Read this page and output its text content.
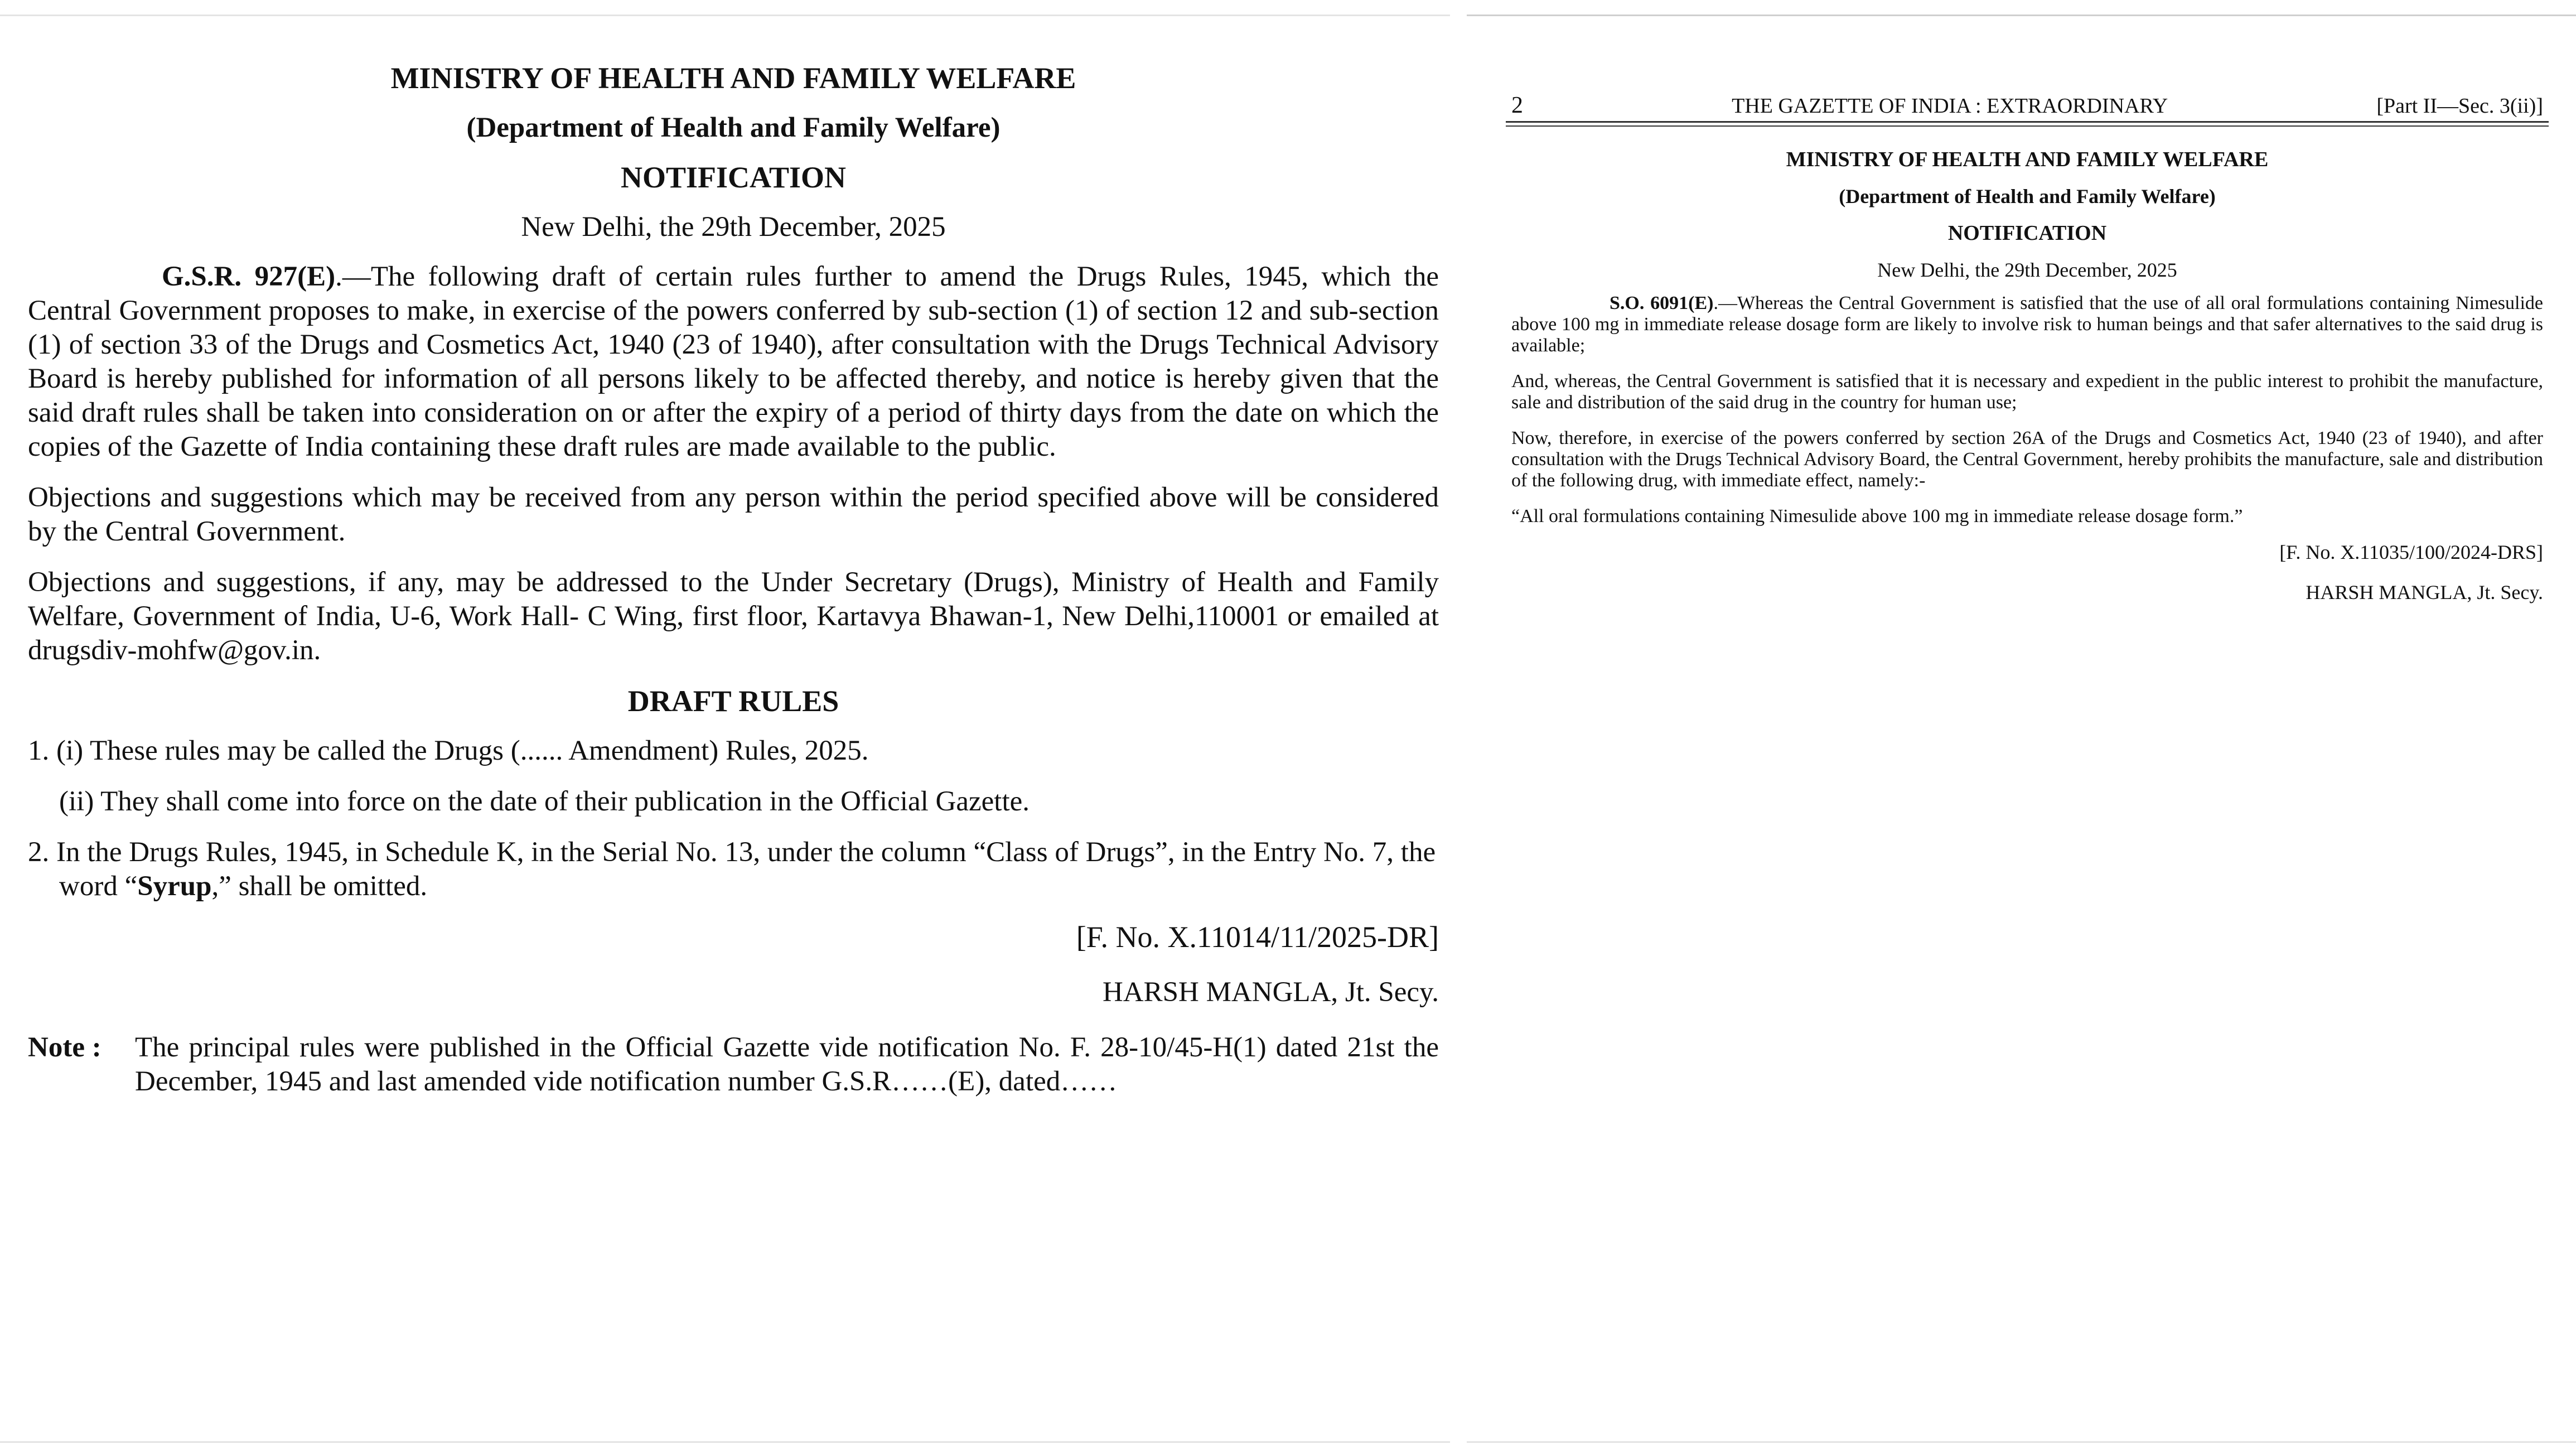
MINISTRY OF HEALTH AND FAMILY WELFARE
(Department of Health and Family Welfare)
NOTIFICATION
New Delhi, the 29th December, 2025

G.S.R. 927(E).—The following draft of certain rules further to amend the Drugs Rules, 1945, which the Central Government proposes to make, in exercise of the powers conferred by sub-section (1) of section 12 and sub-section (1) of section 33 of the Drugs and Cosmetics Act, 1940 (23 of 1940), after consultation with the Drugs Technical Advisory Board is hereby published for information of all persons likely to be affected thereby, and notice is hereby given that the said draft rules shall be taken into consideration on or after the expiry of a period of thirty days from the date on which the copies of the Gazette of India containing these draft rules are made available to the public.

Objections and suggestions which may be received from any person within the period specified above will be considered by the Central Government.

Objections and suggestions, if any, may be addressed to the Under Secretary (Drugs), Ministry of Health and Family Welfare, Government of India, U-6, Work Hall- C Wing, first floor, Kartavya Bhawan-1, New Delhi,110001 or emailed at drugsdiv-mohfw@gov.in.

DRAFT RULES
1. (i) These rules may be called the Drugs (...... Amendment) Rules, 2025.
(ii) They shall come into force on the date of their publication in the Official Gazette.
2. In the Drugs Rules, 1945, in Schedule K, in the Serial No. 13, under the column “Class of Drugs”, in the Entry No. 7, the word “Syrup,” shall be omitted.
[F. No. X.11014/11/2025-DR]
HARSH MANGLA, Jt. Secy.
Note :	The principal rules were published in the Official Gazette vide notification No. F. 28-10/45-H(1) dated 21st the December, 1945 and last amended vide notification number G.S.R……(E), dated……
2	THE GAZETTE OF INDIA : EXTRAORDINARY	[Part II—Sec. 3(ii)]
MINISTRY OF HEALTH AND FAMILY WELFARE
(Department of Health and Family Welfare)
NOTIFICATION
New Delhi, the 29th December, 2025

S.O. 6091(E).—Whereas the Central Government is satisfied that the use of all oral formulations containing Nimesulide above 100 mg in immediate release dosage form are likely to involve risk to human beings and that safer alternatives to the said drug is available;

And, whereas, the Central Government is satisfied that it is necessary and expedient in the public interest to prohibit the manufacture, sale and distribution of the said drug in the country for human use;

Now, therefore, in exercise of the powers conferred by section 26A of the Drugs and Cosmetics Act, 1940 (23 of 1940), and after consultation with the Drugs Technical Advisory Board, the Central Government, hereby prohibits the manufacture, sale and distribution of the following drug, with immediate effect, namely:-

“All oral formulations containing Nimesulide above 100 mg in immediate release dosage form.”

[F. No. X.11035/100/2024-DRS]
HARSH MANGLA, Jt. Secy.
